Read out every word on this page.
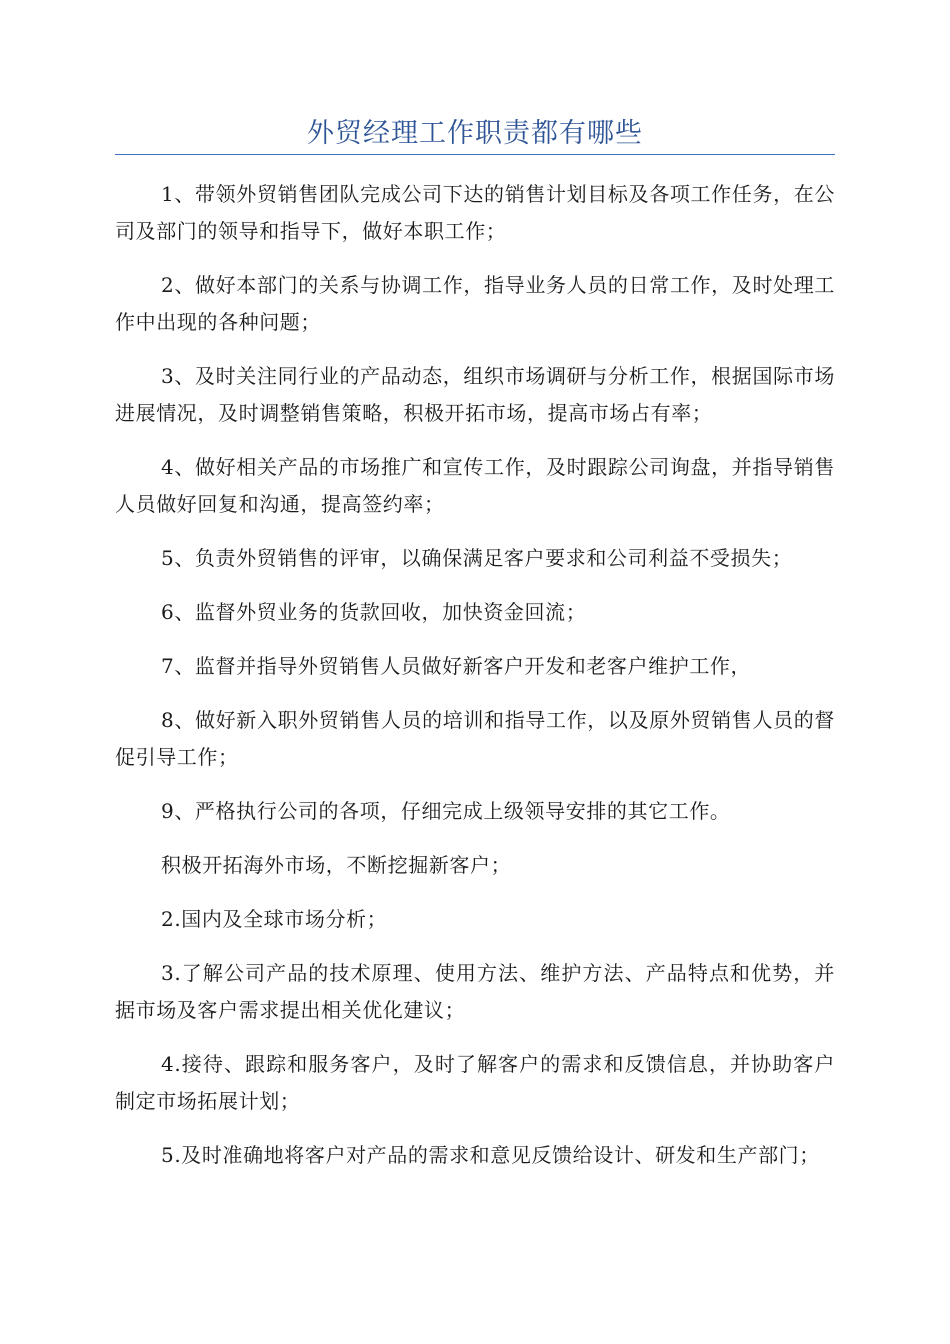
外贸经理工作职责都有哪些

1、带领外贸销售团队完成公司下达的销售计划目标及各项工作任务，在公司及部门的领导和指导下，做好本职工作；

2、做好本部门的关系与协调工作，指导业务人员的日常工作，及时处理工作中出现的各种问题；

3、及时关注同行业的产品动态，组织市场调研与分析工作，根据国际市场进展情况，及时调整销售策略，积极开拓市场，提高市场占有率；

4、做好相关产品的市场推广和宣传工作，及时跟踪公司询盘，并指导销售人员做好回复和沟通，提高签约率；

5、负责外贸销售的评审，以确保满足客户要求和公司利益不受损失；

6、监督外贸业务的货款回收，加快资金回流；

7、监督并指导外贸销售人员做好新客户开发和老客户维护工作，

8、做好新入职外贸销售人员的培训和指导工作，以及原外贸销售人员的督促引导工作；

9、严格执行公司的各项，仔细完成上级领导安排的其它工作。

积极开拓海外市场，不断挖掘新客户；

2.国内及全球市场分析；

3.了解公司产品的技术原理、使用方法、维护方法、产品特点和优势，并据市场及客户需求提出相关优化建议；

4.接待、跟踪和服务客户，及时了解客户的需求和反馈信息，并协助客户制定市场拓展计划；

5.及时准确地将客户对产品的需求和意见反馈给设计、研发和生产部门；
